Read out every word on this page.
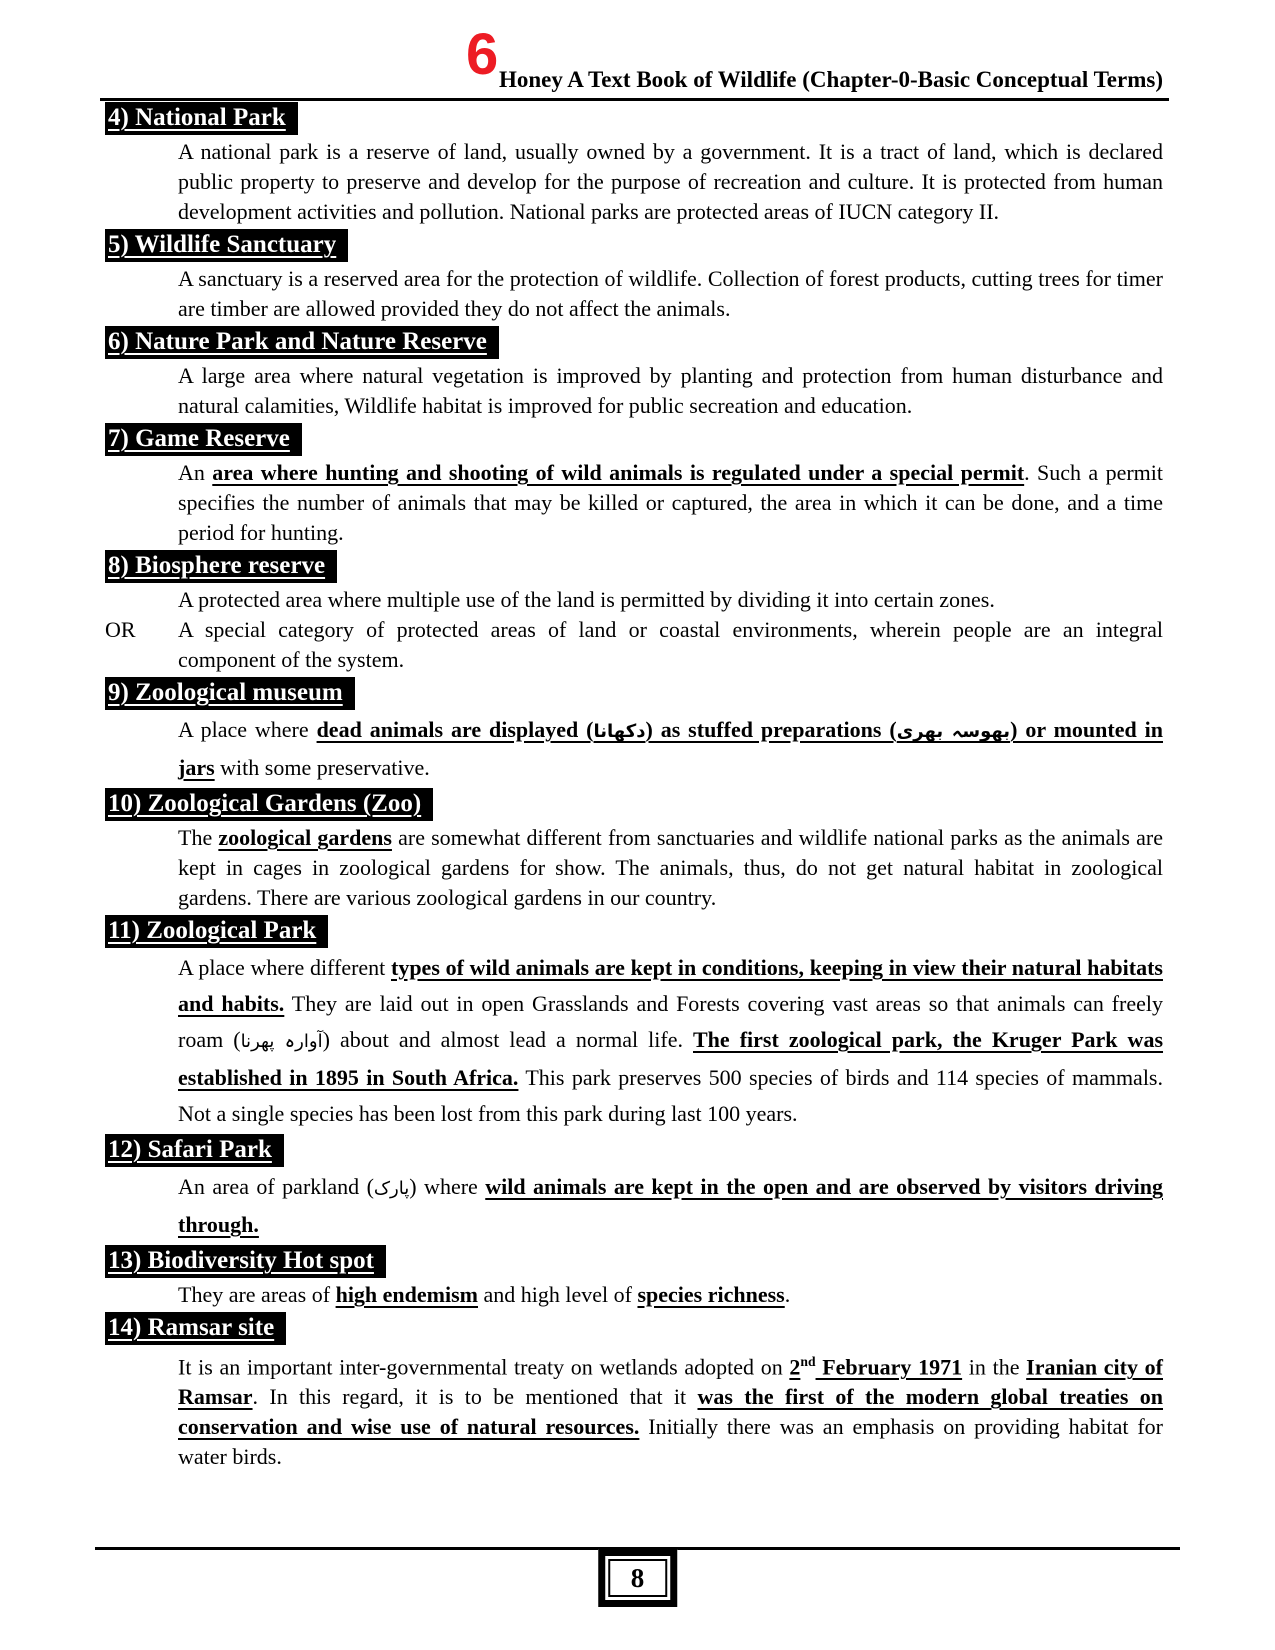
6 Honey A Text Book of Wildlife (Chapter-0-Basic Conceptual Terms)
4) National Park

A national park is a reserve of land, usually owned by a government. It is a tract of land, which is declared public property to preserve and develop for the purpose of recreation and culture. It is protected from human development activities and pollution. National parks are protected areas of IUCN category II.

5) Wildlife Sanctuary

A sanctuary is a reserved area for the protection of wildlife. Collection of forest products, cutting trees for timer are timber are allowed provided they do not affect the animals.

6) Nature Park and Nature Reserve

A large area where natural vegetation is improved by planting and protection from human disturbance and natural calamities, Wildlife habitat is improved for public secreation and education.

7) Game Reserve

An area where hunting and shooting of wild animals is regulated under a special permit. Such a permit specifies the number of animals that may be killed or captured, the area in which it can be done, and a time period for hunting.

8) Biosphere reserve

A protected area where multiple use of the land is permitted by dividing it into certain zones.

OR A special category of protected areas of land or coastal environments, wherein people are an integral component of the system.

9) Zoological museum

A place where dead animals are displayed (دکھانا) as stuffed preparations (بھوسہ بھری) or mounted in jars with some preservative.

10) Zoological Gardens (Zoo)

The zoological gardens are somewhat different from sanctuaries and wildlife national parks as the animals are kept in cages in zoological gardens for show. The animals, thus, do not get natural habitat in zoological gardens. There are various zoological gardens in our country.

11) Zoological Park

A place where different types of wild animals are kept in conditions, keeping in view their natural habitats and habits. They are laid out in open Grasslands and Forests covering vast areas so that animals can freely roam (آوارہ پھرنا) about and almost lead a normal life. The first zoological park, the Kruger Park was established in 1895 in South Africa. This park preserves 500 species of birds and 114 species of mammals. Not a single species has been lost from this park during last 100 years.

12) Safari Park

An area of parkland (پارک) where wild animals are kept in the open and are observed by visitors driving through.

13) Biodiversity Hot spot

They are areas of high endemism and high level of species richness.

14) Ramsar site

It is an important inter-governmental treaty on wetlands adopted on 2nd February 1971 in the Iranian city of Ramsar. In this regard, it is to be mentioned that it was the first of the modern global treaties on conservation and wise use of natural resources. Initially there was an emphasis on providing habitat for water birds.

8
